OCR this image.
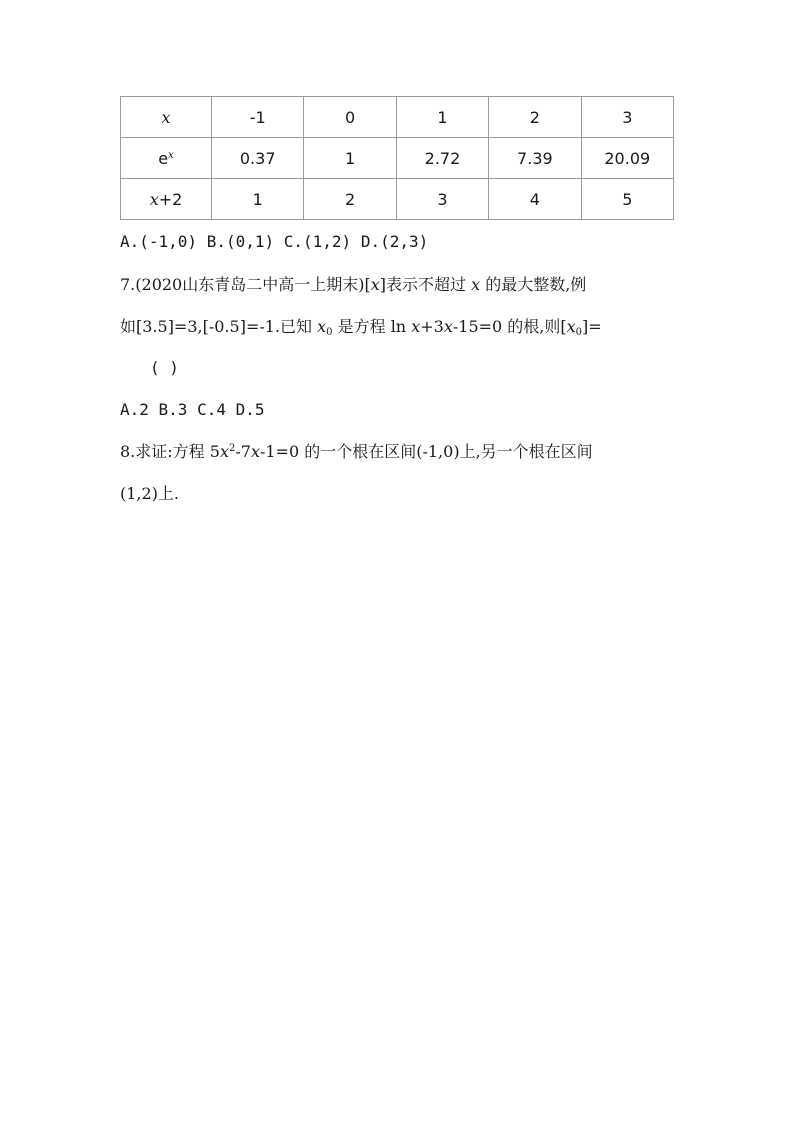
x	-1	0	1	2	3
$e^x$	0.37	1	2.72	7.39	20.09
x+2	1	2	3	4	5
A.(-1,0) B.(0,1) C.(1,2) D.(2,3)
7.(2020山东青岛二中高一上期末)[x]表示不超过 x 的最大整数,例
如[3.5]=3,[-0.5]=-1.已知 $x_0$ 是方程 ln x+3x-15=0 的根,则$[x_0]=$
( )
A.2 B.3 C.4 D.5
8.求证:方程 $5x^2-7x-1=0$ 的一个根在区间(-1,0)上,另一个根在区间
(1,2)上.
